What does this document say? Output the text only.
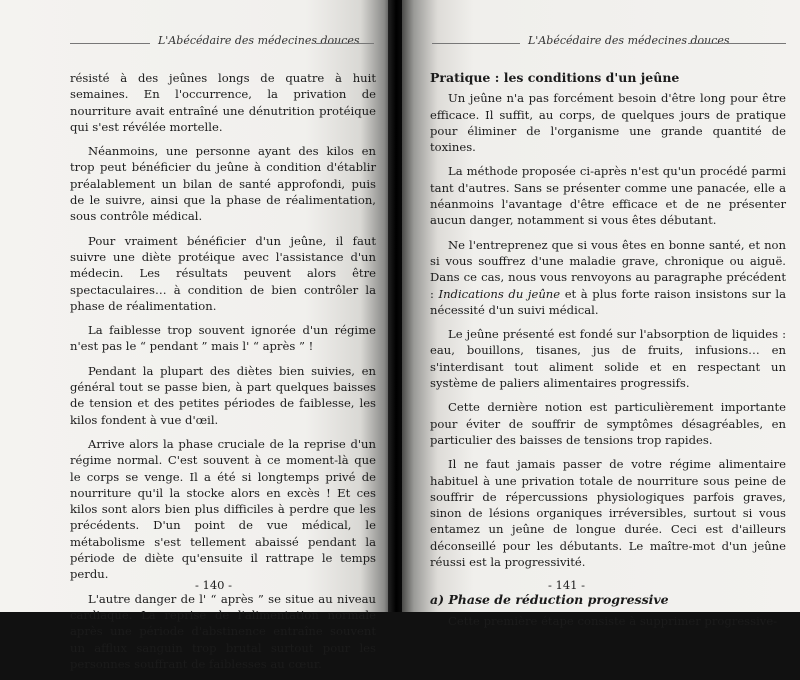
L'Abécédaire des médecines douces

résisté à des jeûnes longs de quatre à huit semaines. En l'occurrence, la privation de nourriture avait entraîné une dénutrition protéique qui s'est révélée mortelle.

Néanmoins, une personne ayant des kilos en trop peut bénéficier du jeûne à condition d'établir préalablement un bilan de santé approfondi, puis de le suivre, ainsi que la phase de réalimentation, sous contrôle médical.

Pour vraiment bénéficier d'un jeûne, il faut suivre une diète protéique avec l'assistance d'un médecin. Les résultats peuvent alors être spectaculaires… à condition de bien contrôler la phase de réalimentation.

La faiblesse trop souvent ignorée d'un régime n'est pas le “ pendant ” mais l' “ après ” !

Pendant la plupart des diètes bien suivies, en général tout se passe bien, à part quelques baisses de tension et des petites périodes de faiblesse, les kilos fondent à vue d'œil.

Arrive alors la phase cruciale de la reprise d'un régime normal. C'est souvent à ce moment-là que le corps se venge. Il a été si longtemps privé de nourriture qu'il la stocke alors en excès ! Et ces kilos sont alors bien plus difficiles à perdre que les précédents. D'un point de vue médical, le métabolisme s'est tellement abaissé pendant la période de diète qu'ensuite il rattrape le temps perdu.

L'autre danger de l' “ après ” se situe au niveau cardiaque. La reprise de l'alimentation normale après une période d'abstinence entraîne souvent un afflux sanguin trop brutal surtout pour les personnes souffrant de faiblesses au cœur.

- 140 -
L'Abécédaire des médecines douces
Pratique : les conditions d'un jeûne

Un jeûne n'a pas forcément besoin d'être long pour être efficace. Il suffit, au corps, de quelques jours de pratique pour éliminer de l'organisme une grande quantité de toxines.

La méthode proposée ci-après n'est qu'un procédé parmi tant d'autres. Sans se présenter comme une panacée, elle a néanmoins l'avantage d'être efficace et de ne présenter aucun danger, notamment si vous êtes débutant.

Ne l'entreprenez que si vous êtes en bonne santé, et non si vous souffrez d'une maladie grave, chronique ou aiguë. Dans ce cas, nous vous renvoyons au paragraphe précédent : Indications du jeûne et à plus forte raison insistons sur la nécessité d'un suivi médical.

Le jeûne présenté est fondé sur l'absorption de liquides : eau, bouillons, tisanes, jus de fruits, infusions… en s'interdisant tout aliment solide et en respectant un système de paliers alimentaires progressifs.

Cette dernière notion est particulièrement importante pour éviter de souffrir de symptômes désagréables, en particulier des baisses de tensions trop rapides.

Il ne faut jamais passer de votre régime alimentaire habituel à une privation totale de nourriture sous peine de souffrir de répercussions physiologiques parfois graves, sinon de lésions organiques irréversibles, surtout si vous entamez un jeûne de longue durée. Ceci est d'ailleurs déconseillé pour les débutants. Le maître-mot d'un jeûne réussi est la progressivité.

a) Phase de réduction progressive

Cette première étape consiste à supprimer progressive-

- 141 -
